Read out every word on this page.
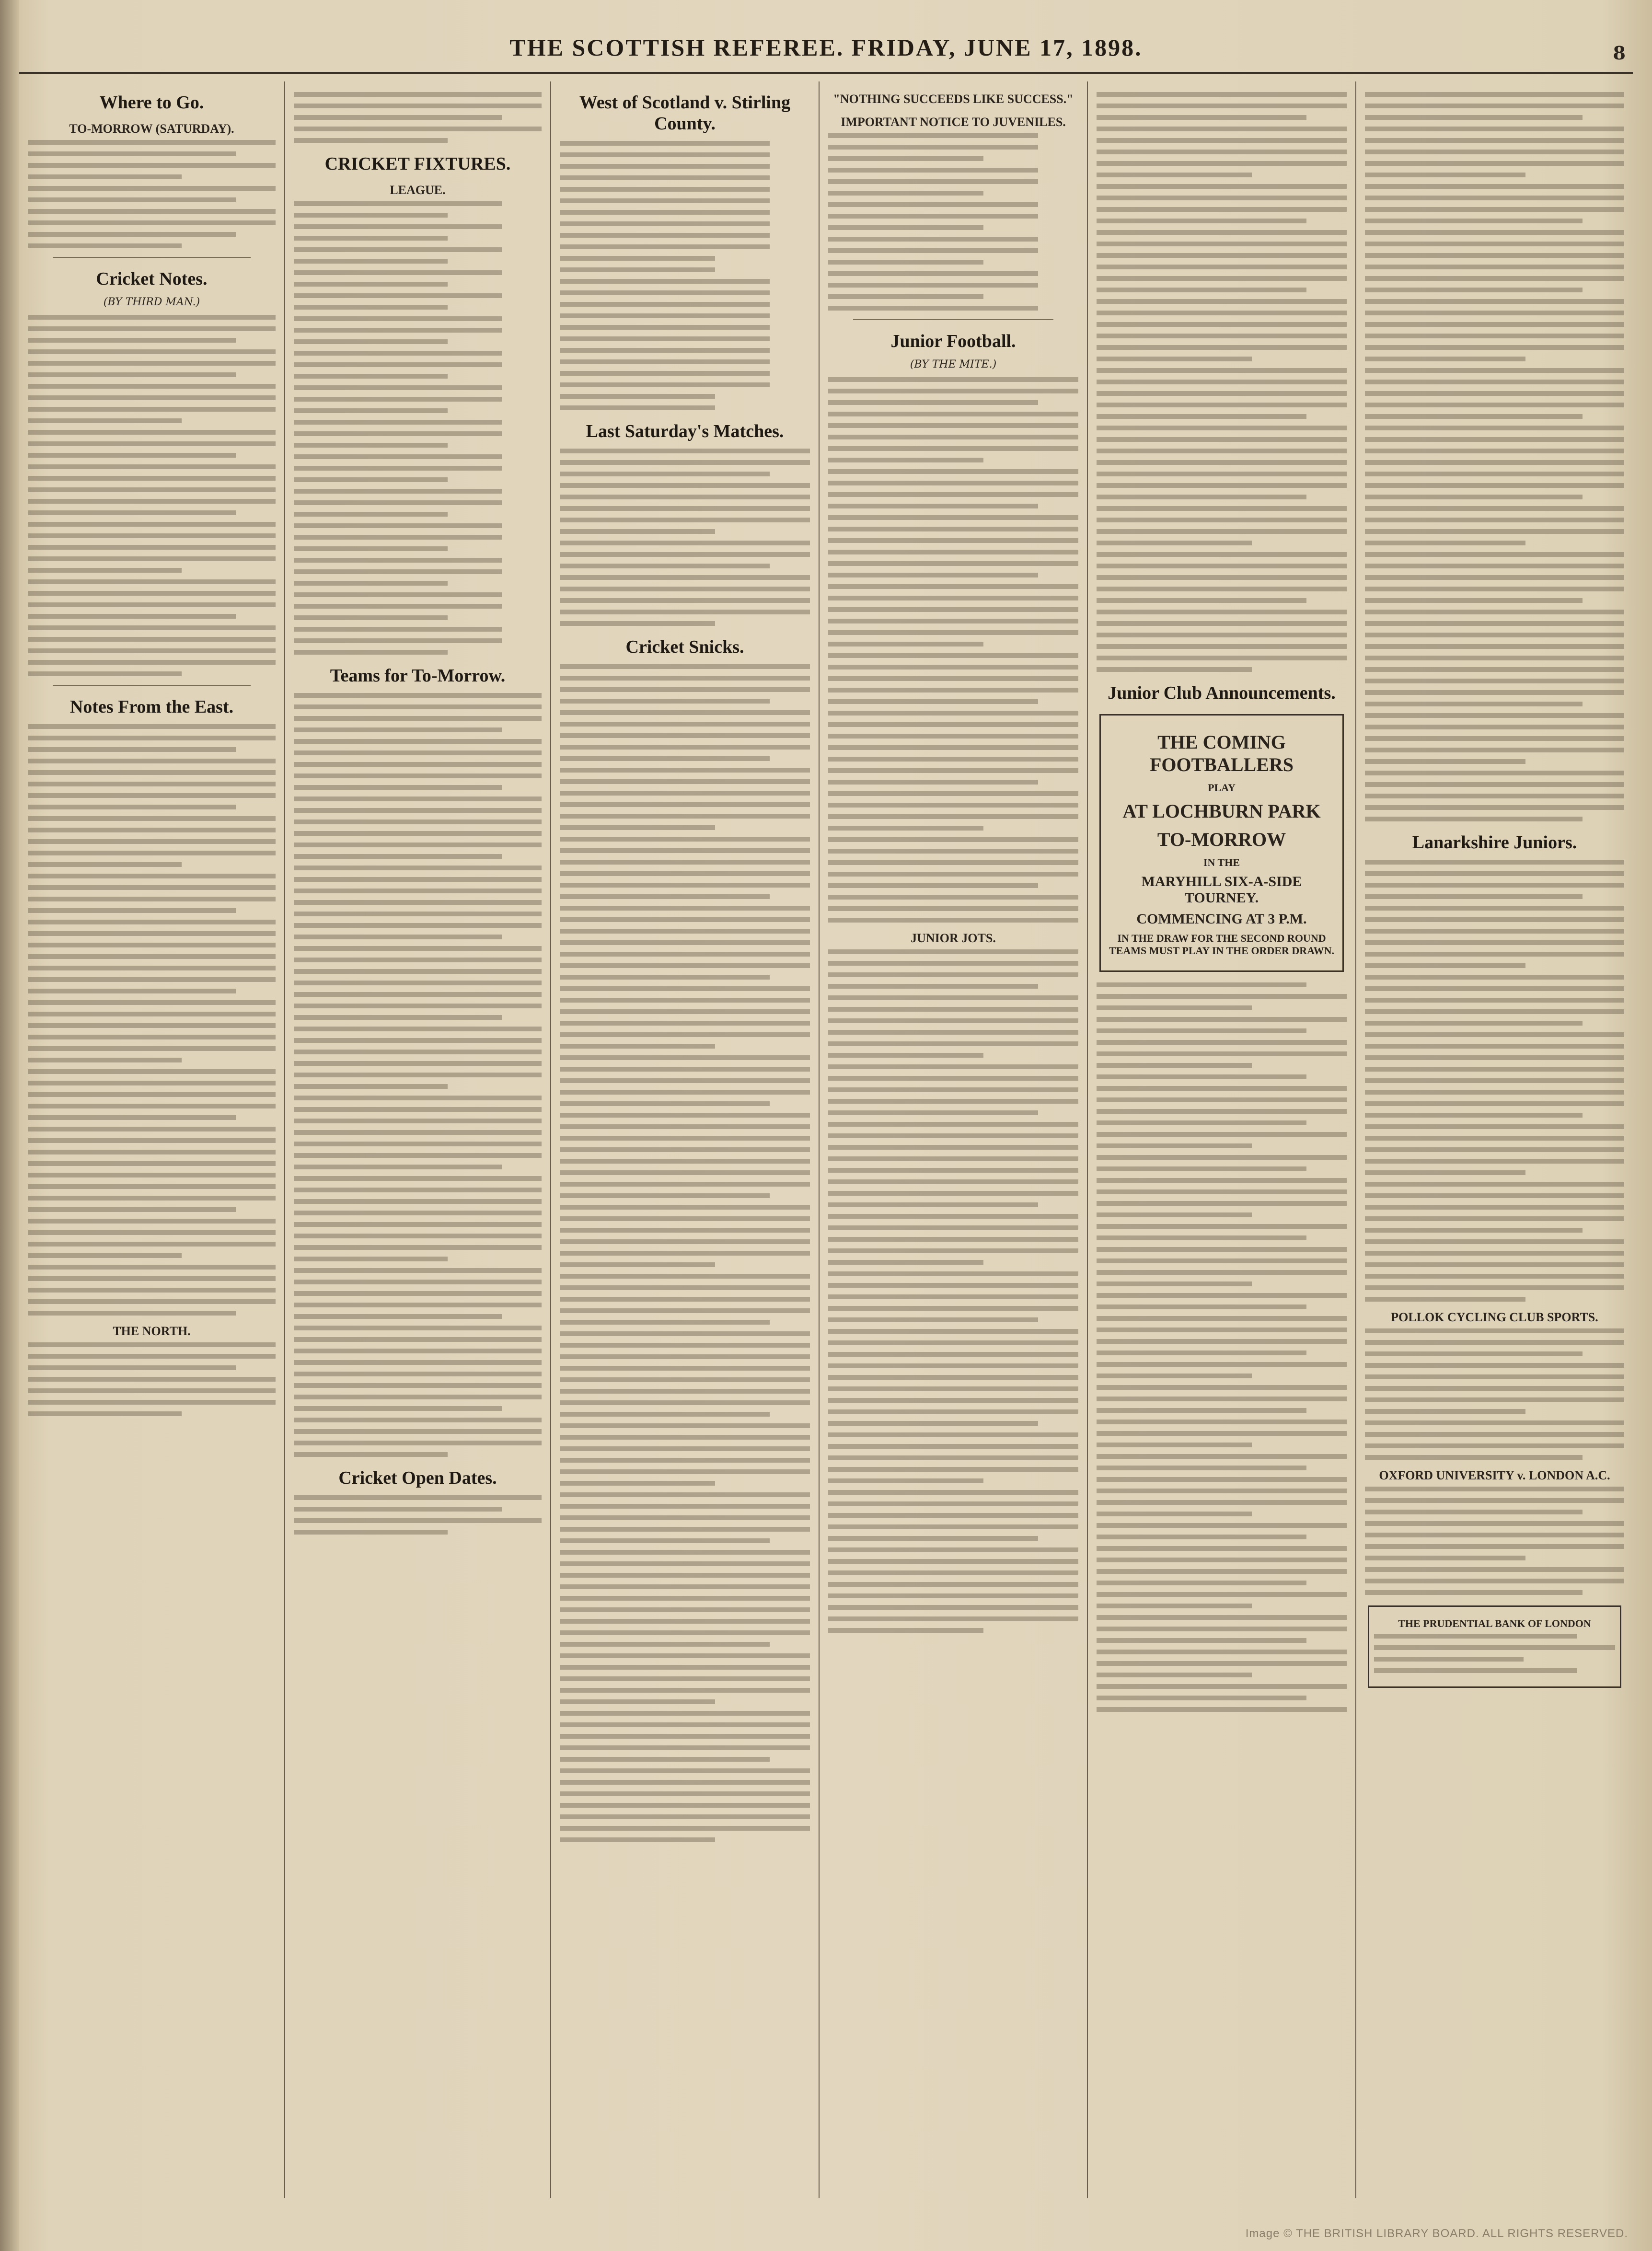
THE SCOTTISH REFEREE. FRIDAY, JUNE 17, 1898.	8
Where to Go.
TO-MORROW (SATURDAY).
Cricket Notes.
(BY THIRD MAN.)
Notes From the East.
THE NORTH.
CRICKET FIXTURES.
LEAGUE.
Teams for To-Morrow.
Cricket Open Dates.
West of Scotland v. Stirling County.
Last Saturday's Matches.
Cricket Snicks.
"NOTHING SUCCEEDS LIKE SUCCESS."
IMPORTANT NOTICE TO JUVENILES.
Junior Football.
(BY THE MITE.)
JUNIOR JOTS.
Junior Club Announcements.
THE COMING FOOTBALLERS
PLAY
AT LOCHBURN PARK
TO-MORROW
IN THE
MARYHILL SIX-A-SIDE TOURNEY.
COMMENCING AT 3 P.M.
IN THE DRAW FOR THE SECOND ROUND TEAMS MUST PLAY IN THE ORDER DRAWN.
Lanarkshire Juniors.
POLLOK CYCLING CLUB SPORTS.
OXFORD UNIVERSITY v. LONDON A.C.
THE PRUDENTIAL BANK OF LONDON
Image © THE BRITISH LIBRARY BOARD. ALL RIGHTS RESERVED.
